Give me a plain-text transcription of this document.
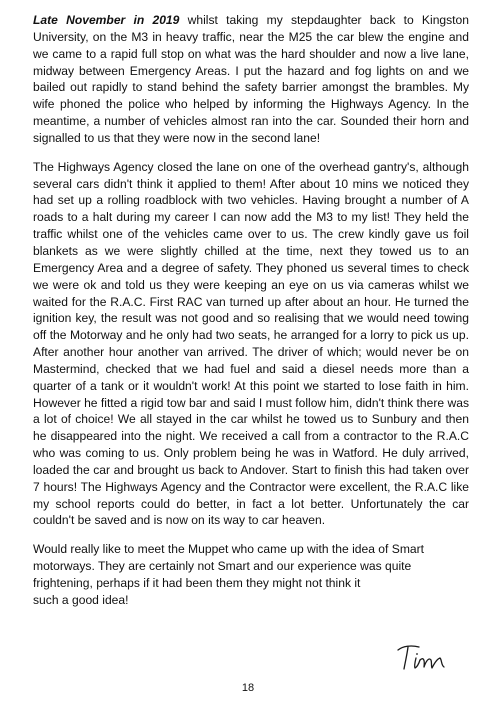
Late November in 2019 whilst taking my stepdaughter back to Kingston University, on the M3 in heavy traffic, near the M25 the car blew the engine and we came to a rapid full stop on what was the hard shoulder and now a live lane, midway between Emergency Areas. I put the hazard and fog lights on and we bailed out rapidly to stand behind the safety barrier amongst the brambles. My wife phoned the police who helped by informing the Highways Agency. In the meantime, a number of vehicles almost ran into the car. Sounded their horn and signalled to us that they were now in the second lane!

The Highways Agency closed the lane on one of the overhead gantry's, although several cars didn't think it applied to them! After about 10 mins we noticed they had set up a rolling roadblock with two vehicles. Having brought a number of A roads to a halt during my career I can now add the M3 to my list! They held the traffic whilst one of the vehicles came over to us. The crew kindly gave us foil blankets as we were slightly chilled at the time, next they towed us to an Emergency Area and a degree of safety. They phoned us several times to check we were ok and told us they were keeping an eye on us via cameras whilst we waited for the R.A.C. First RAC van turned up after about an hour. He turned the ignition key, the result was not good and so realising that we would need towing off the Motorway and he only had two seats, he arranged for a lorry to pick us up. After another hour another van arrived. The driver of which; would never be on Mastermind, checked that we had fuel and said a diesel needs more than a quarter of a tank or it wouldn't work! At this point we started to lose faith in him. However he fitted a rigid tow bar and said I must follow him, didn't think there was a lot of choice! We all stayed in the car whilst he towed us to Sunbury and then he disappeared into the night. We received a call from a contractor to the R.A.C who was coming to us. Only problem being he was in Watford. He duly arrived, loaded the car and brought us back to Andover. Start to finish this had taken over 7 hours! The Highways Agency and the Contractor were excellent, the R.A.C like my school reports could do better, in fact a lot better. Unfortunately the car couldn't be saved and is now on its way to car heaven.

Would really like to meet the Muppet who came up with the idea of Smart motorways. They are certainly not Smart and our experience was quite frightening, perhaps if it had been them they might not think it
such a good idea!

18
